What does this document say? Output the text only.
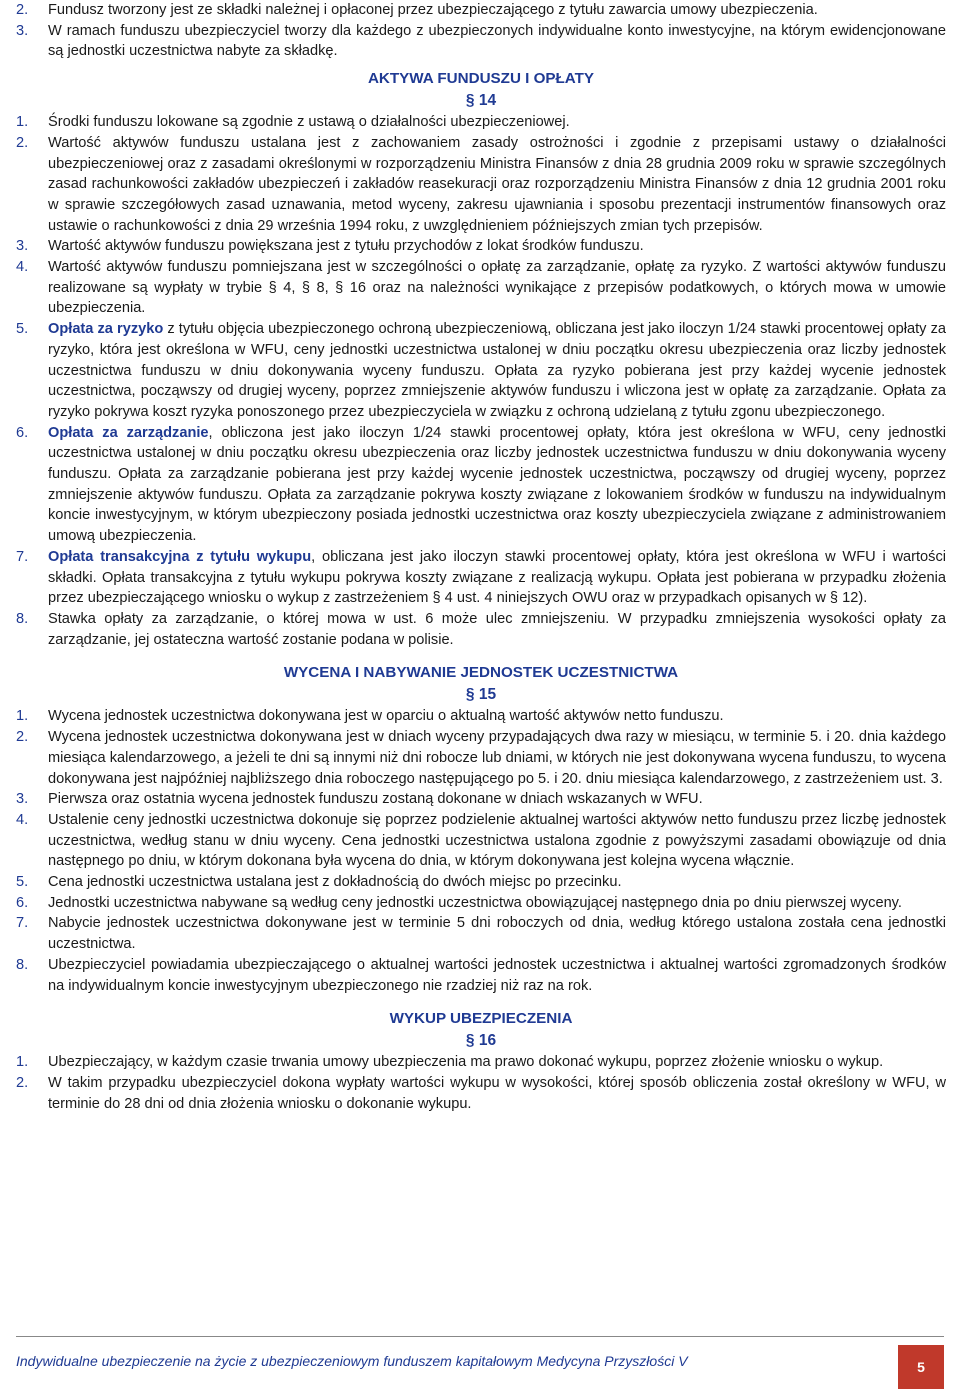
2. Fundusz tworzony jest ze składki należnej i opłaconej przez ubezpieczającego z tytułu zawarcia umowy ubezpieczenia.
3. W ramach funduszu ubezpieczyciel tworzy dla każdego z ubezpieczonych indywidualne konto inwestycyjne, na którym ewidencjonowane są jednostki uczestnictwa nabyte za składkę.
AKTYWA FUNDUSZU I OPŁATY
§ 14
1. Środki funduszu lokowane są zgodnie z ustawą o działalności ubezpieczeniowej.
2. Wartość aktywów funduszu ustalana jest z zachowaniem zasady ostrożności i zgodnie z przepisami ustawy o działalności ubezpieczeniowej oraz z zasadami określonymi w rozporządzeniu Ministra Finansów z dnia 28 grudnia 2009 roku w sprawie szczególnych zasad rachunkowości zakładów ubezpieczeń i zakładów reasekuracji oraz rozporządzeniu Ministra Finansów z dnia 12 grudnia 2001 roku w sprawie szczegółowych zasad uznawania, metod wyceny, zakresu ujawniania i sposobu prezentacji instrumentów finansowych oraz ustawie o rachunkowości z dnia 29 września 1994 roku, z uwzględnieniem późniejszych zmian tych przepisów.
3. Wartość aktywów funduszu powiększana jest z tytułu przychodów z lokat środków funduszu.
4. Wartość aktywów funduszu pomniejszana jest w szczególności o opłatę za zarządzanie, opłatę za ryzyko. Z wartości aktywów funduszu realizowane są wypłaty w trybie § 4, § 8, § 16 oraz na należności wynikające z przepisów podatkowych, o których mowa w umowie ubezpieczenia.
5. Opłata za ryzyko z tytułu objęcia ubezpieczonego ochroną ubezpieczeniową, obliczana jest jako iloczyn 1/24 stawki procentowej opłaty za ryzyko, która jest określona w WFU, ceny jednostki uczestnictwa ustalonej w dniu początku okresu ubezpieczenia oraz liczby jednostek uczestnictwa funduszu w dniu dokonywania wyceny funduszu. Opłata za ryzyko pobierana jest przy każdej wycenie jednostek uczestnictwa, począwszy od drugiej wyceny, poprzez zmniejszenie aktywów funduszu i wliczona jest w opłatę za zarządzanie. Opłata za ryzyko pokrywa koszt ryzyka ponoszonego przez ubezpieczyciela w związku z ochroną udzielaną z tytułu zgonu ubezpieczonego.
6. Opłata za zarządzanie, obliczona jest jako iloczyn 1/24 stawki procentowej opłaty, która jest określona w WFU, ceny jednostki uczestnictwa ustalonej w dniu początku okresu ubezpieczenia oraz liczby jednostek uczestnictwa funduszu w dniu dokonywania wyceny funduszu. Opłata za zarządzanie pobierana jest przy każdej wycenie jednostek uczestnictwa, począwszy od drugiej wyceny, poprzez zmniejszenie aktywów funduszu. Opłata za zarządzanie pokrywa koszty związane z lokowaniem środków w funduszu na indywidualnym koncie inwestycyjnym, w którym ubezpieczony posiada jednostki uczestnictwa oraz koszty ubezpieczyciela związane z administrowaniem umową ubezpieczenia.
7. Opłata transakcyjna z tytułu wykupu, obliczana jest jako iloczyn stawki procentowej opłaty, która jest określona w WFU i wartości składki. Opłata transakcyjna z tytułu wykupu pokrywa koszty związane z realizacją wykupu. Opłata jest pobierana w przypadku złożenia przez ubezpieczającego wniosku o wykup z zastrzeżeniem § 4 ust. 4 niniejszych OWU oraz w przypadkach opisanych w § 12).
8. Stawka opłaty za zarządzanie, o której mowa w ust. 6 może ulec zmniejszeniu. W przypadku zmniejszenia wysokości opłaty za zarządzanie, jej ostateczna wartość zostanie podana w polisie.
WYCENA I NABYWANIE JEDNOSTEK UCZESTNICTWA
§ 15
1. Wycena jednostek uczestnictwa dokonywana jest w oparciu o aktualną wartość aktywów netto funduszu.
2. Wycena jednostek uczestnictwa dokonywana jest w dniach wyceny przypadających dwa razy w miesiącu, w terminie 5. i 20. dnia każdego miesiąca kalendarzowego, a jeżeli te dni są innymi niż dni robocze lub dniami, w których nie jest dokonywana wycena funduszu, to wycena dokonywana jest najpóźniej najbliższego dnia roboczego następującego po 5. i 20. dniu miesiąca kalendarzowego, z zastrzeżeniem ust. 3.
3. Pierwsza oraz ostatnia wycena jednostek funduszu zostaną dokonane w dniach wskazanych w WFU.
4. Ustalenie ceny jednostki uczestnictwa dokonuje się poprzez podzielenie aktualnej wartości aktywów netto funduszu przez liczbę jednostek uczestnictwa, według stanu w dniu wyceny. Cena jednostki uczestnictwa ustalona zgodnie z powyższymi zasadami obowiązuje od dnia następnego po dniu, w którym dokonana była wycena do dnia, w którym dokonywana jest kolejna wycena włącznie.
5. Cena jednostki uczestnictwa ustalana jest z dokładnością do dwóch miejsc po przecinku.
6. Jednostki uczestnictwa nabywane są według ceny jednostki uczestnictwa obowiązującej następnego dnia po dniu pierwszej wyceny.
7. Nabycie jednostek uczestnictwa dokonywane jest w terminie 5 dni roboczych od dnia, według którego ustalona została cena jednostki uczestnictwa.
8. Ubezpieczyciel powiadamia ubezpieczającego o aktualnej wartości jednostek uczestnictwa i aktualnej wartości zgromadzonych środków na indywidualnym koncie inwestycyjnym ubezpieczonego nie rzadziej niż raz na rok.
WYKUP UBEZPIECZENIA
§ 16
1. Ubezpieczający, w każdym czasie trwania umowy ubezpieczenia ma prawo dokonać wykupu, poprzez złożenie wniosku o wykup.
2. W takim przypadku ubezpieczyciel dokona wypłaty wartości wykupu w wysokości, której sposób obliczenia został określony w WFU, w terminie do 28 dni od dnia złożenia wniosku o dokonanie wykupu.
Indywidualne ubezpieczenie na życie z ubezpieczeniowym funduszem kapitałowym Medycyna Przyszłości V	5
